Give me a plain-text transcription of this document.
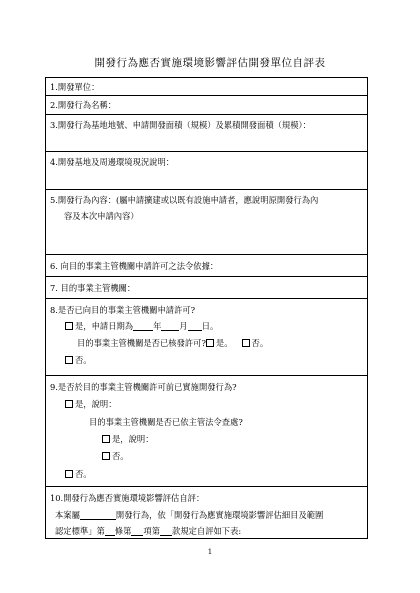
開發行為應否實施環境影響評估開發單位自評表
1.開發單位：
2.開發行為名稱：
3.開發行為基地地號、申請開發面積（規模）及累積開發面積（規模）：
4.開發基地及周邊環境現況說明：
5.開發行為內容：(屬申請擴建或以既有設施申請者，應說明原開發行為內
容及本次申請內容）
6. 向目的事業主管機關申請許可之法令依據：
7. 目的事業主管機關：
8.是否已向目的事業主管機關申請許可?
是，申請日期為 年 月 日。
目的事業主管機關是否已核發許可? 是。 否。
否。
9.是否於目的事業主管機關許可前已實施開發行為?
是，說明：
目的事業主管機關是否已依主管法令查處?
是，說明：
否。
否。
10.開發行為應否實施環境影響評估自評：
本案屬	開發行為，依「開發行為應實施環境影響評估細目及範圍
認定標準」第 條第 項第 款規定自評如下表:
1
